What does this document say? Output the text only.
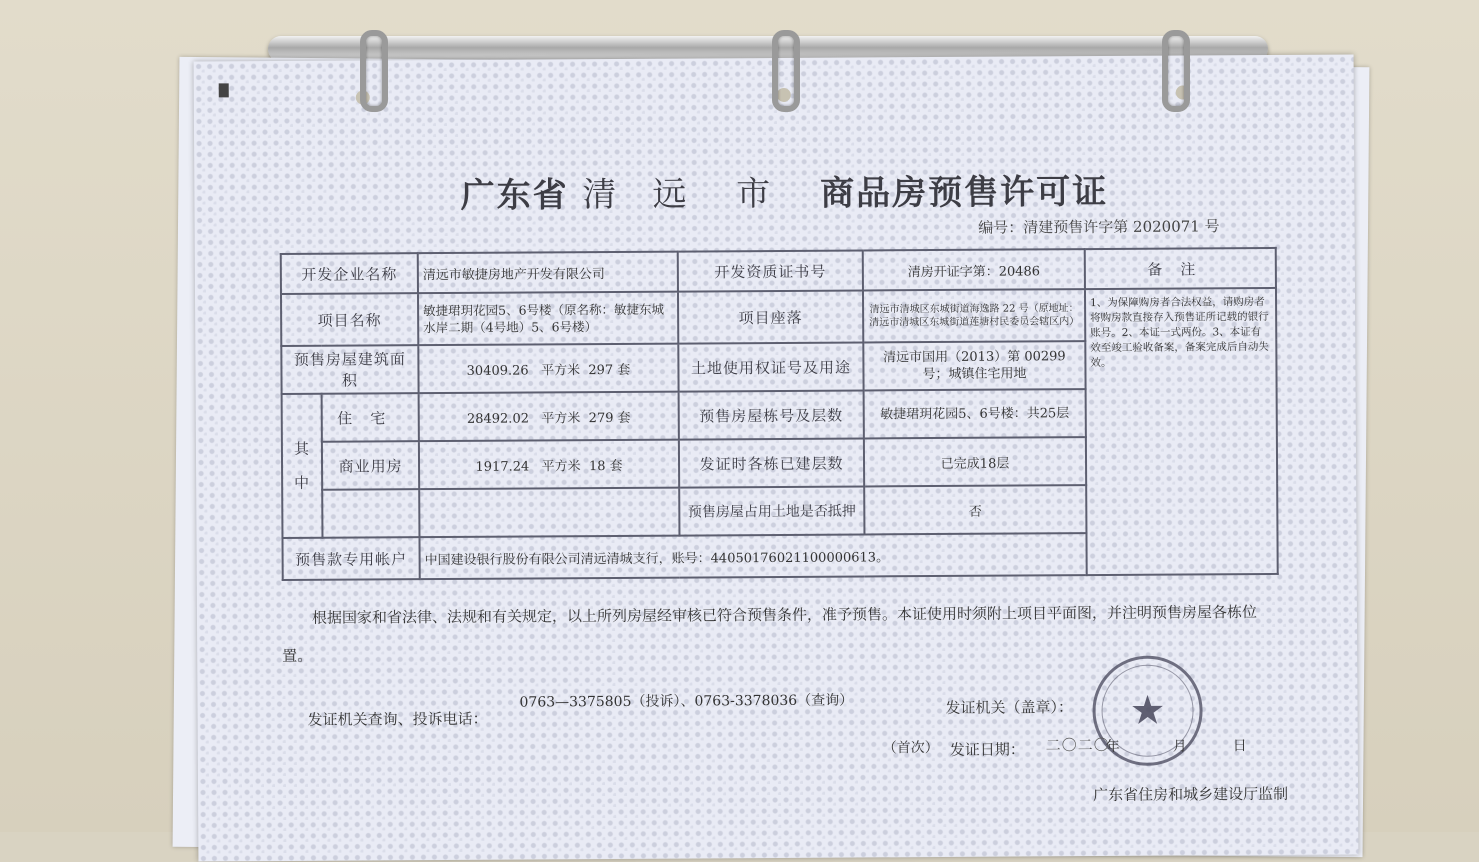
广东省 清远 市 商品房预售许可证
编号：清建预售许字第 2020071 号
开发企业名称		清远市敏捷房地产开发有限公司	开发资质证书号	清房开证字第：20486	备注
项目名称		敏捷珺玥花园5、6号楼（原名称：敏捷东城水岸二期（4号地）5、6号楼）	项目座落	清远市清城区东城街道海逸路 22 号（原地址：清远市清城区东城街道莲塘村民委员会辖区内）	1、为保障购房者合法权益，请购房者将购房款直接存入预售证所记载的银行账号。2、本证一式两份。3、本证有效至竣工验收备案，备案完成后自动失效。
预售房屋建筑面积		30409.26 平方米 297 套	土地使用权证号及用途	清远市国用（2013）第 00299 号；城镇住宅用地	
其中	住宅	28492.02 平方米 279 套	预售房屋栋号及层数	敏捷珺玥花园5、6号楼：共25层	
	商业用房	1917.24 平方米 18 套	发证时各栋已建层数	已完成18层	
			预售房屋占用土地是否抵押	否	
预售款专用帐户		中国建设银行股份有限公司清远清城支行，账号：44050176021100000613。			
根据国家和省法律、法规和有关规定，以上所列房屋经审核已符合预售条件，准予预售。本证使用时须附上项目平面图，并注明预售房屋各栋位置。
发证机关查询、投诉电话：
0763—3375805（投诉）、0763-3378036（查询）	发证机关（盖章）： ★
（首次） 发证日期： 二〇二〇
年	月	日
广东省住房和城乡建设厅监制
